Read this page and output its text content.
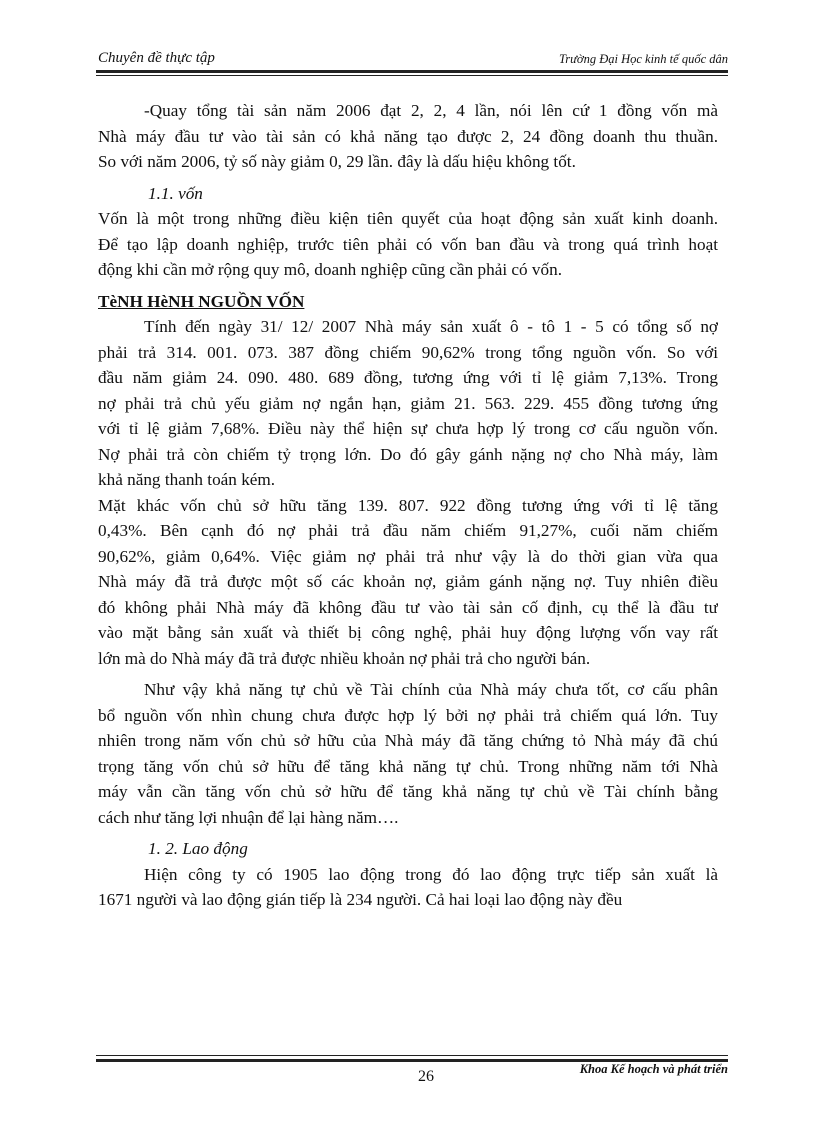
Chuyên đề thực tập	Trường Đại Học kinh tế quốc dân
-Quay tổng tài sản năm 2006 đạt 2, 2, 4 lần, nói lên cứ 1 đồng vốn mà
Nhà máy đầu tư vào tài sản có khả năng tạo được 2, 24 đồng doanh thu thuần.
So với năm 2006, tỷ số này giảm 0, 29 lần. đây là dấu hiệu không tốt.
1.1. vốn
Vốn là một trong những điều kiện tiên quyết của hoạt động sản xuất kinh doanh.
Để tạo lập doanh nghiệp, trước tiên phải có vốn ban đầu và trong quá trình hoạt
động khi cần mở rộng quy mô, doanh nghiệp cũng cần phải có vốn.
TèNH HèNH NGUỒN VỐN
Tính đến ngày 31/ 12/ 2007 Nhà máy sản xuất ô - tô 1 - 5 có tổng số nợ
phải trả 314. 001. 073. 387 đồng chiếm 90,62% trong tổng nguồn vốn. So với
đầu năm giảm 24. 090. 480. 689 đồng, tương ứng với tỉ lệ giảm 7,13%. Trong
nợ phải trả chủ yếu giảm nợ ngắn hạn, giảm 21. 563. 229. 455 đồng tương ứng
với tỉ lệ giảm 7,68%. Điều này thể hiện sự chưa hợp lý trong cơ cấu nguồn vốn.
Nợ phải trả còn chiếm tỷ trọng lớn. Do đó gây gánh nặng nợ cho Nhà máy, làm
khả năng thanh toán kém.
Mặt khác vốn chủ sở hữu tăng 139. 807. 922 đồng tương ứng với tỉ lệ tăng
0,43%. Bên cạnh đó nợ phải trả đầu năm chiếm 91,27%, cuối năm chiếm
90,62%, giảm 0,64%. Việc giảm nợ phải trả như vậy là do thời gian vừa qua
Nhà máy đã trả được một số các khoản nợ, giảm gánh nặng nợ. Tuy nhiên điều
đó không phải Nhà máy đã không đầu tư vào tài sản cố định, cụ thể là đầu tư
vào mặt bằng sản xuất và thiết bị công nghệ, phải huy động lượng vốn vay rất
lớn mà do Nhà máy đã trả được nhiều khoản nợ phải trả cho người bán.
Như vậy khả năng tự chủ về Tài chính của Nhà máy chưa tốt, cơ cấu phân
bổ nguồn vốn nhìn chung chưa được hợp lý bởi nợ phải trả chiếm quá lớn. Tuy
nhiên trong năm vốn chủ sở hữu của Nhà máy đã tăng chứng tỏ Nhà máy đã chú
trọng tăng vốn chủ sở hữu để tăng khả năng tự chủ. Trong những năm tới Nhà
máy vẫn cần tăng vốn chủ sở hữu để tăng khả năng tự chủ về Tài chính bằng
cách như tăng lợi nhuận để lại hàng năm….
1. 2. Lao động
Hiện công ty có 1905 lao động trong đó lao động trực tiếp sản xuất là
1671 người và lao động gián tiếp là 234 người. Cả hai loại lao động này đều
26	Khoa Kế hoạch và phát triển
